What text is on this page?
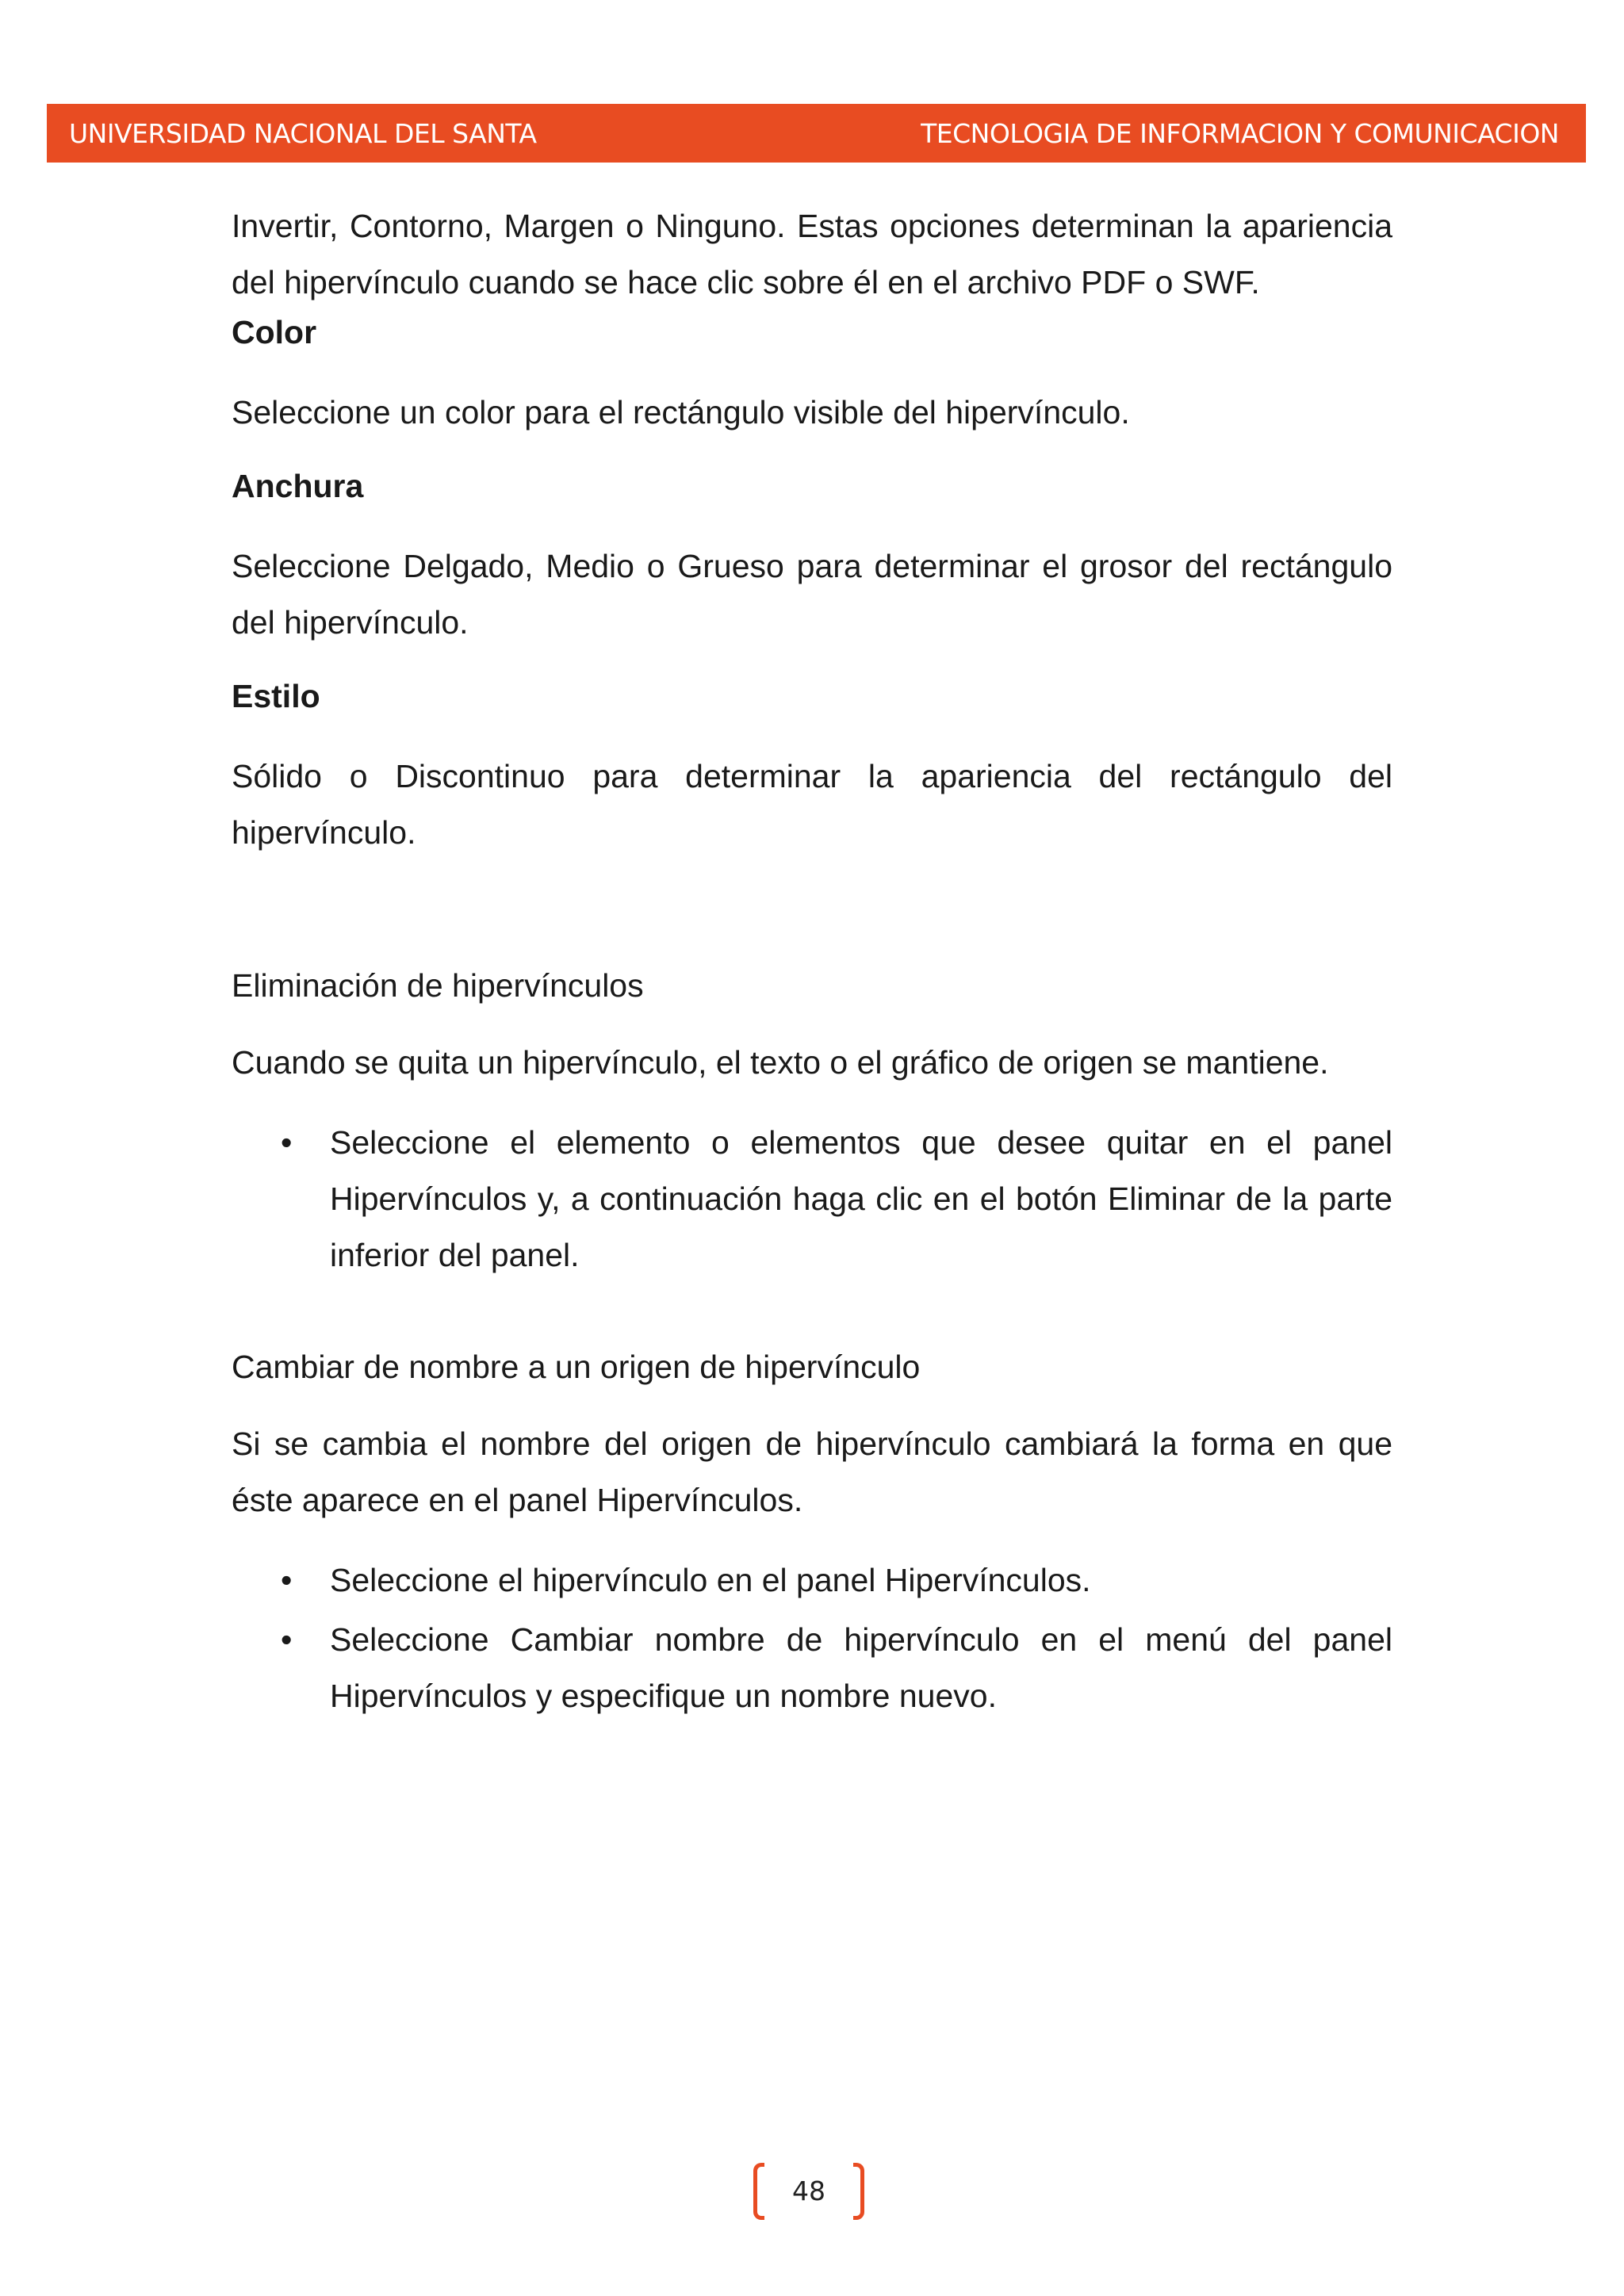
UNIVERSIDAD NACIONAL DEL SANTA	TECNOLOGIA DE INFORMACION Y COMUNICACION

Invertir, Contorno, Margen o Ninguno. Estas opciones determinan la apariencia del hipervínculo cuando se hace clic sobre él en el archivo PDF o SWF.

Color

Seleccione un color para el rectángulo visible del hipervínculo.

Anchura

Seleccione Delgado, Medio o Grueso para determinar el grosor del rectángulo del hipervínculo.

Estilo

Sólido o Discontinuo para determinar la apariencia del rectángulo del hipervínculo.

Eliminación de hipervínculos

Cuando se quita un hipervínculo, el texto o el gráfico de origen se mantiene.

• Seleccione el elemento o elementos que desee quitar en el panel Hipervínculos y, a continuación haga clic en el botón Eliminar de la parte inferior del panel.

Cambiar de nombre a un origen de hipervínculo

Si se cambia el nombre del origen de hipervínculo cambiará la forma en que éste aparece en el panel Hipervínculos.

• Seleccione el hipervínculo en el panel Hipervínculos.
• Seleccione Cambiar nombre de hipervínculo en el menú del panel Hipervínculos y especifique un nombre nuevo.
48
